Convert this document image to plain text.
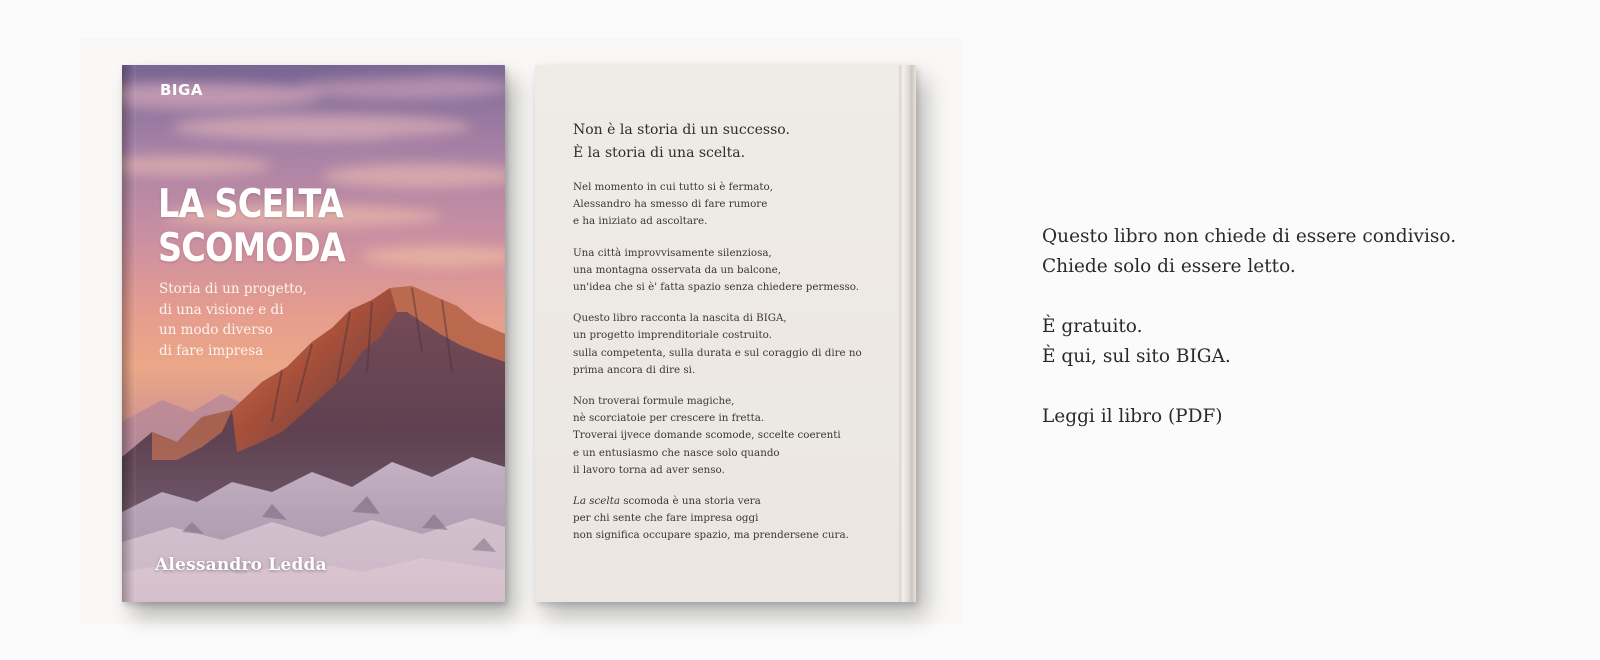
BIGA
LA SCELTA
SCOMODA
Storia di un progetto,
di una visione e di
un modo diverso
di fare impresa
Alessandro Ledda
Non è la storia di un successo.
È la storia di una scelta.
Nel momento in cui tutto si è fermato,
Alessandro ha smesso di fare rumore
e ha iniziato ad ascoltare.
Una città improvvisamente silenziosa,
una montagna osservata da un balcone,
un'idea che si è' fatta spazio senza chiedere permesso.
Questo libro racconta la nascita di BIGA,
un progetto imprenditoriale costruito.
sulla competenta, sulla durata e sul coraggio di dire no
prima ancora di dire si.
Non troverai formule magiche,
nè scorciatoie per crescere in fretta.
Troverai ijvece domande scomode, sccelte coerenti
e un entusiasmo che nasce solo quando
il lavoro torna ad aver senso.
La scelta scomoda è una storia vera
per chi sente che fare impresa oggi
non significa occupare spazio, ma prendersene cura.
Questo libro non chiede di essere condiviso.
Chiede solo di essere letto.
È gratuito.
È qui, sul sito BIGA.
Leggi il libro (PDF)
